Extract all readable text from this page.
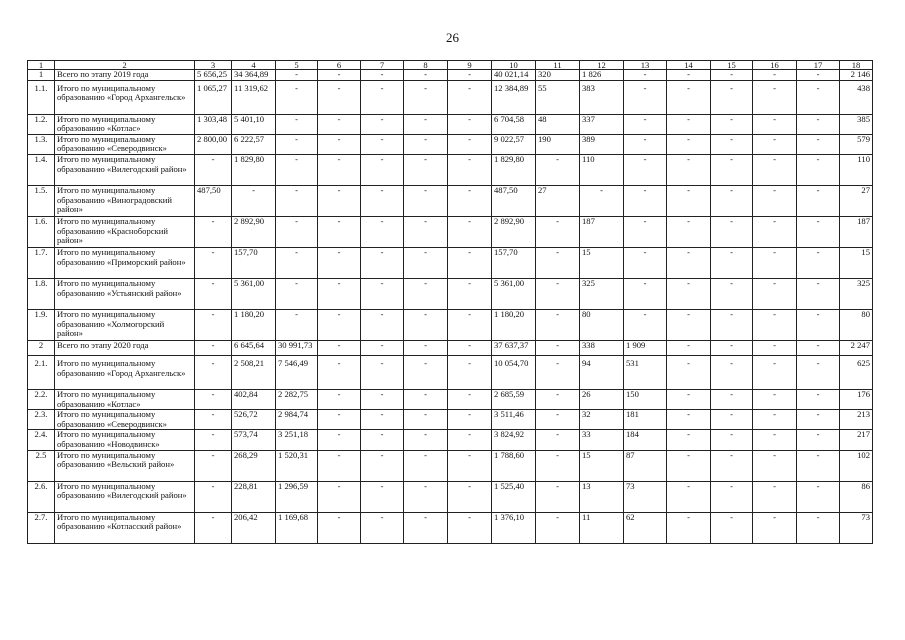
26
1	2	3	4	5	6	7	8	9	10	11	12	13	14	15	16	17	18
1	Всего по этапу 2019 года	5 656,25	34 364,89	-	-	-	-	-	40 021,14	320	1 826	-	-	-	-	-	2 146
1.1.	Итого по муниципальному образованию «Город Архангельск»	1 065,27	11 319,62	-	-	-	-	-	12 384,89	55	383	-	-	-	-	-	438
1.2.	Итого по муниципальному образованию «Котлас»	1 303,48	5 401,10	-	-	-	-	-	6 704,58	48	337	-	-	-	-	-	385
1.3.	Итого по муниципальному образованию «Северодвинск»	2 800,00	6 222,57	-	-	-	-	-	9 022,57	190	389	-	-	-	-	-	579
1.4.	Итого по муниципальному образованию «Вилегодский район»	-	1 829,80	-	-	-	-	-	1 829,80	-	110	-	-	-	-	-	110
1.5.	Итого по муниципальному образованию «Виноградовский район»	487,50	-	-	-	-	-	-	487,50	27	-	-	-	-	-	-	27
1.6.	Итого по муниципальному образованию «Красноборский район»	-	2 892,90	-	-	-	-	-	2 892,90	-	187	-	-	-	-	-	187
1.7.	Итого по муниципальному образованию «Приморский район»	-	157,70	-	-	-	-	-	157,70	-	15	-	-	-	-	-	15
1.8.	Итого по муниципальному образованию «Устьянский район»	-	5 361,00	-	-	-	-	-	5 361,00	-	325	-	-	-	-	-	325
1.9.	Итого по муниципальному образованию «Холмогорский район»	-	1 180,20	-	-	-	-	-	1 180,20	-	80	-	-	-	-	-	80
2	Всего по этапу 2020 года	-	6 645,64	30 991,73	-	-	-	-	37 637,37	-	338	1 909	-	-	-	-	2 247
2.1.	Итого по муниципальному образованию «Город Архангельск»	-	2 508,21	7 546,49	-	-	-	-	10 054,70	-	94	531	-	-	-	-	625
2.2.	Итого по муниципальному образованию «Котлас»	-	402,84	2 282,75	-	-	-	-	2 685,59	-	26	150	-	-	-	-	176
2.3.	Итого по муниципальному образованию «Северодвинск»	-	526,72	2 984,74	-	-	-	-	3 511,46	-	32	181	-	-	-	-	213
2.4.	Итого по муниципальному образованию «Новодвинск»	-	573,74	3 251,18	-	-	-	-	3 824,92	-	33	184	-	-	-	-	217
2.5	Итого по муниципальному образованию «Вельский район»	-	268,29	1 520,31	-	-	-	-	1 788,60	-	15	87	-	-	-	-	102
2.6.	Итого по муниципальному образованию «Вилегодский район»	-	228,81	1 296,59	-	-	-	-	1 525,40	-	13	73	-	-	-	-	86
2.7.	Итого по муниципальному образованию «Котласский район»	-	206,42	1 169,68	-	-	-	-	1 376,10	-	11	62	-	-	-	-	73
